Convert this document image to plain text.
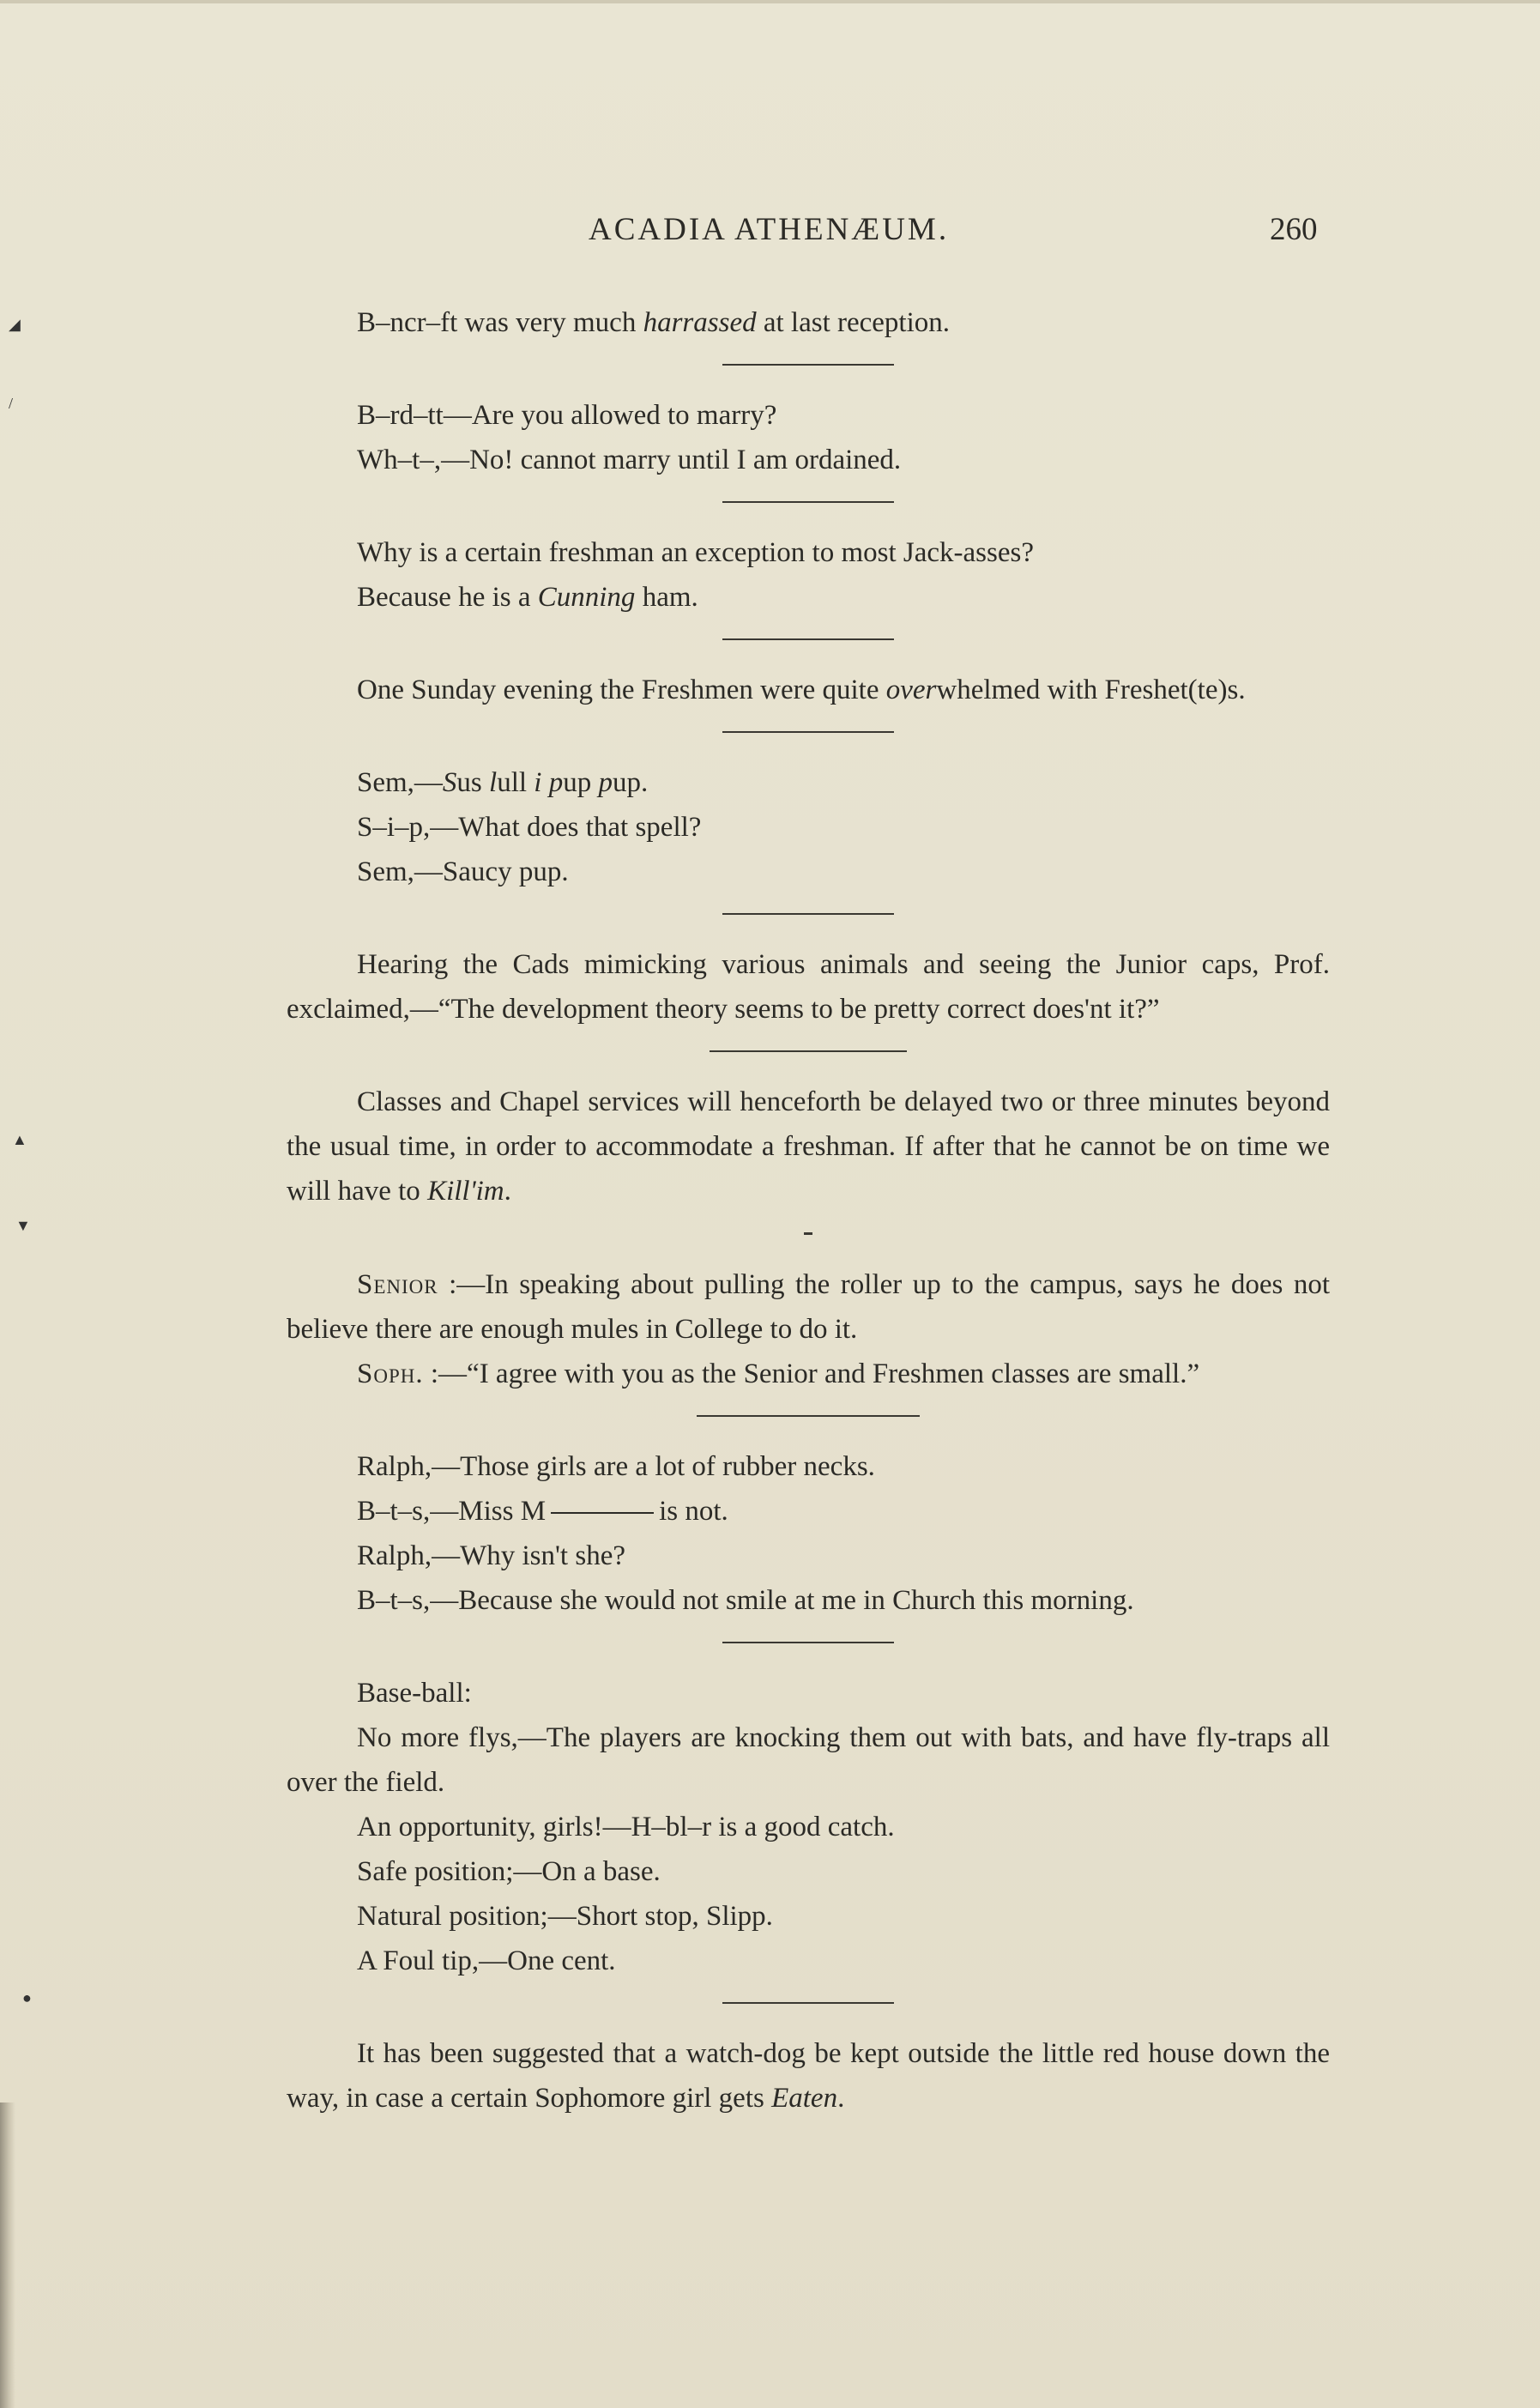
◢
/
▲
▼
●
ACADIA ATHENÆUM.	260

B–ncr–ft was very much harrassed at last reception.

B–rd–tt—Are you allowed to marry?

Wh–t–,—No! cannot marry until I am ordained.

Why is a certain freshman an exception to most Jack-asses?

Because he is a Cunning ham.

One Sunday evening the Freshmen were quite overwhelmed with Freshet(te)s.

Sem,—Sus lull i pup pup.

S–i–p,—What does that spell?

Sem,—Saucy pup.

Hearing the Cads mimicking various animals and seeing the Junior caps, Prof. exclaimed,—“The development theory seems to be pretty correct does'nt it?”

Classes and Chapel services will henceforth be delayed two or three minutes beyond the usual time, in order to accommodate a freshman. If after that he cannot be on time we will have to Kill'im.

Senior :—In speaking about pulling the roller up to the campus, says he does not believe there are enough mules in College to do it.

Soph. :—“I agree with you as the Senior and Freshmen classes are small.”

Ralph,—Those girls are a lot of rubber necks.

B–t–s,—Miss M	is not.

Ralph,—Why isn't she?

B–t–s,—Because she would not smile at me in Church this morning.

Base-ball:

No more flys,—The players are knocking them out with bats, and have fly-traps all over the field.

An opportunity, girls!—H–bl–r is a good catch.

Safe position;—On a base.

Natural position;—Short stop, Slipp.

A Foul tip,—One cent.

It has been suggested that a watch-dog be kept outside the little red house down the way, in case a certain Sophomore girl gets Eaten.
